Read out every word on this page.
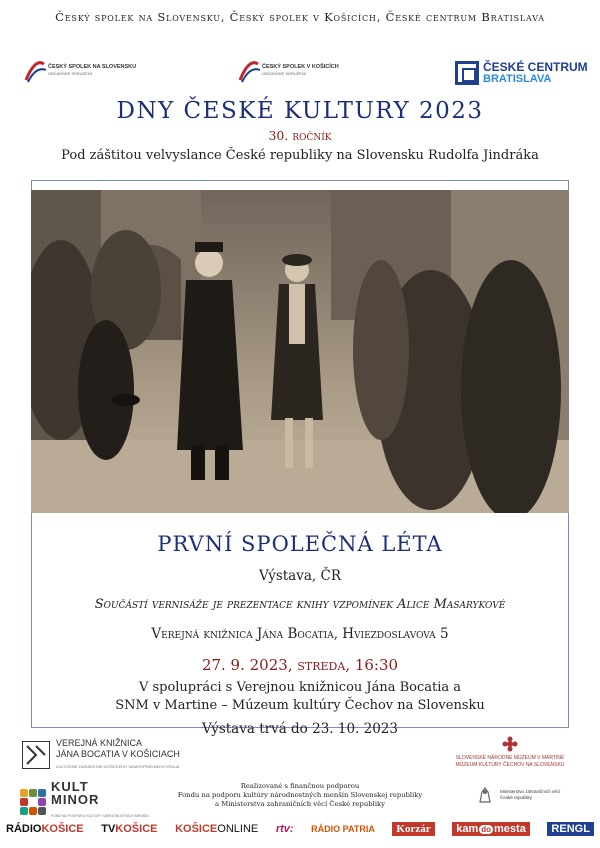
Český spolek na Slovensku, Český spolek v Košicích, České centrum Bratislava
ČESKÝ SPOLEK NA SLOVENSKU
OBČANSKÉ SDRUŽENÍ
ČESKÝ SPOLEK V KOŠICÍCH
OBČANSKÉ SDRUŽENÍ	ČESKÉ CENTRUM
BRATISLAVA
DNY ČESKÉ KULTURY 2023
30. ročník
Pod záštitou velvyslance České republiky na Slovensku Rudolfa Jindráka
PRVNÍ SPOLEČNÁ LÉTA
Výstava, ČR
Součástí vernisáže je prezentace knihy vzpomínek Alice Masarykové
Verejná knižnica Jána Bocatia, Hviezdoslavova 5
27. 9. 2023, streda, 16:30
V spolupráci s Verejnou knižnicou Jána Bocatia a
SNM v Martine – Múzeum kultúry Čechov na Slovensku
Výstava trvá do 23. 10. 2023
VEREJNÁ KNIŽNICA
JÁNA BOCATIA V KOŠICIACH
KULTÚRNE ZARIADENIE KOŠICKÉHO SAMOSPRÁVNEHO KRAJA

SLOVENSKÉ NÁRODNÉ MÚZEUM V MARTINE
MÚZEUM KULTÚRY ČECHOV NA SLOVENSKU
KULT
MINOR
FOND NA PODPORU KULTURY NÁRODNOSTNÍCH MENŠÍN
Realizované s finančnou podporou
Fondu na podporu kultúry národnostných menšín Slovenskej republiky
a Ministerstva zahraničních věcí České republiky
Ministerstvo zahraničních věcí
České republiky
RÁDIO KOŠICE TV KOŠICE KOŠICE ONLINE rtv: RÁDIO PATRIA	Korzár	kam do mesta	RENGL
